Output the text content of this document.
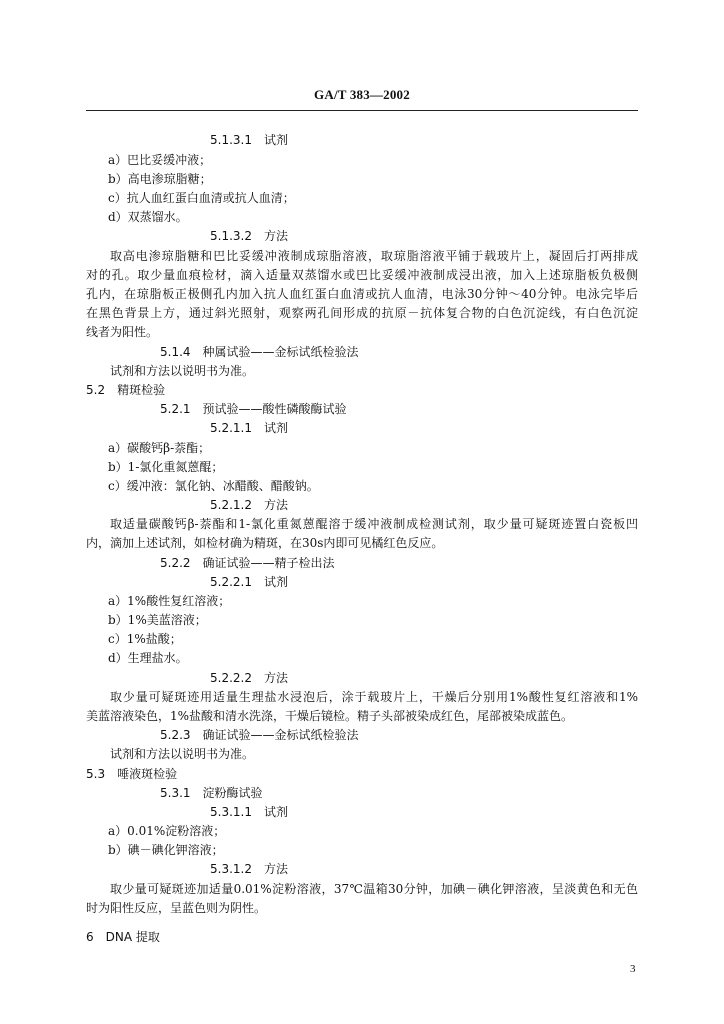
GA/T 383—2002
5.1.3.1　试剂
a）巴比妥缓冲液；
b）高电渗琼脂糖；
c）抗人血红蛋白血清或抗人血清；
d）双蒸馏水。
5.1.3.2　方法
取高电渗琼脂糖和巴比妥缓冲液制成琼脂溶液，取琼脂溶液平铺于载玻片上，凝固后打两排成
对的孔。取少量血痕检材，滴入适量双蒸馏水或巴比妥缓冲液制成浸出液，加入上述琼脂板负极侧
孔内，在琼脂板正极侧孔内加入抗人血红蛋白血清或抗人血清，电泳30分钟～40分钟。电泳完毕后
在黑色背景上方，通过斜光照射，观察两孔间形成的抗原－抗体复合物的白色沉淀线，有白色沉淀
线者为阳性。
5.1.4　种属试验——金标试纸检验法
试剂和方法以说明书为准。
5.2　精斑检验
5.2.1　预试验——酸性磷酸酶试验
5.2.1.1　试剂
a）碳酸钙β-萘酯；
b）1-氯化重氮蒽醌；
c）缓冲液：氯化钠、冰醋酸、醋酸钠。
5.2.1.2　方法
取适量碳酸钙β-萘酯和1-氯化重氮蒽醌溶于缓冲液制成检测试剂，取少量可疑斑迹置白瓷板凹
内，滴加上述试剂，如检材确为精斑，在30s内即可见橘红色反应。
5.2.2　确证试验——精子检出法
5.2.2.1　试剂
a）1%酸性复红溶液；
b）1%美蓝溶液；
c）1%盐酸；
d）生理盐水。
5.2.2.2　方法
取少量可疑斑迹用适量生理盐水浸泡后，涂于载玻片上，干燥后分别用1%酸性复红溶液和1%
美蓝溶液染色，1%盐酸和清水洗涤，干燥后镜检。精子头部被染成红色，尾部被染成蓝色。
5.2.3　确证试验——金标试纸检验法
试剂和方法以说明书为准。
5.3　唾液斑检验
5.3.1　淀粉酶试验
5.3.1.1　试剂
a）0.01%淀粉溶液；
b）碘－碘化钾溶液；
5.3.1.2　方法
取少量可疑斑迹加适量0.01%淀粉溶液，37℃温箱30分钟，加碘－碘化钾溶液，呈淡黄色和无色
时为阳性反应，呈蓝色则为阴性。
6　DNA 提取
3
